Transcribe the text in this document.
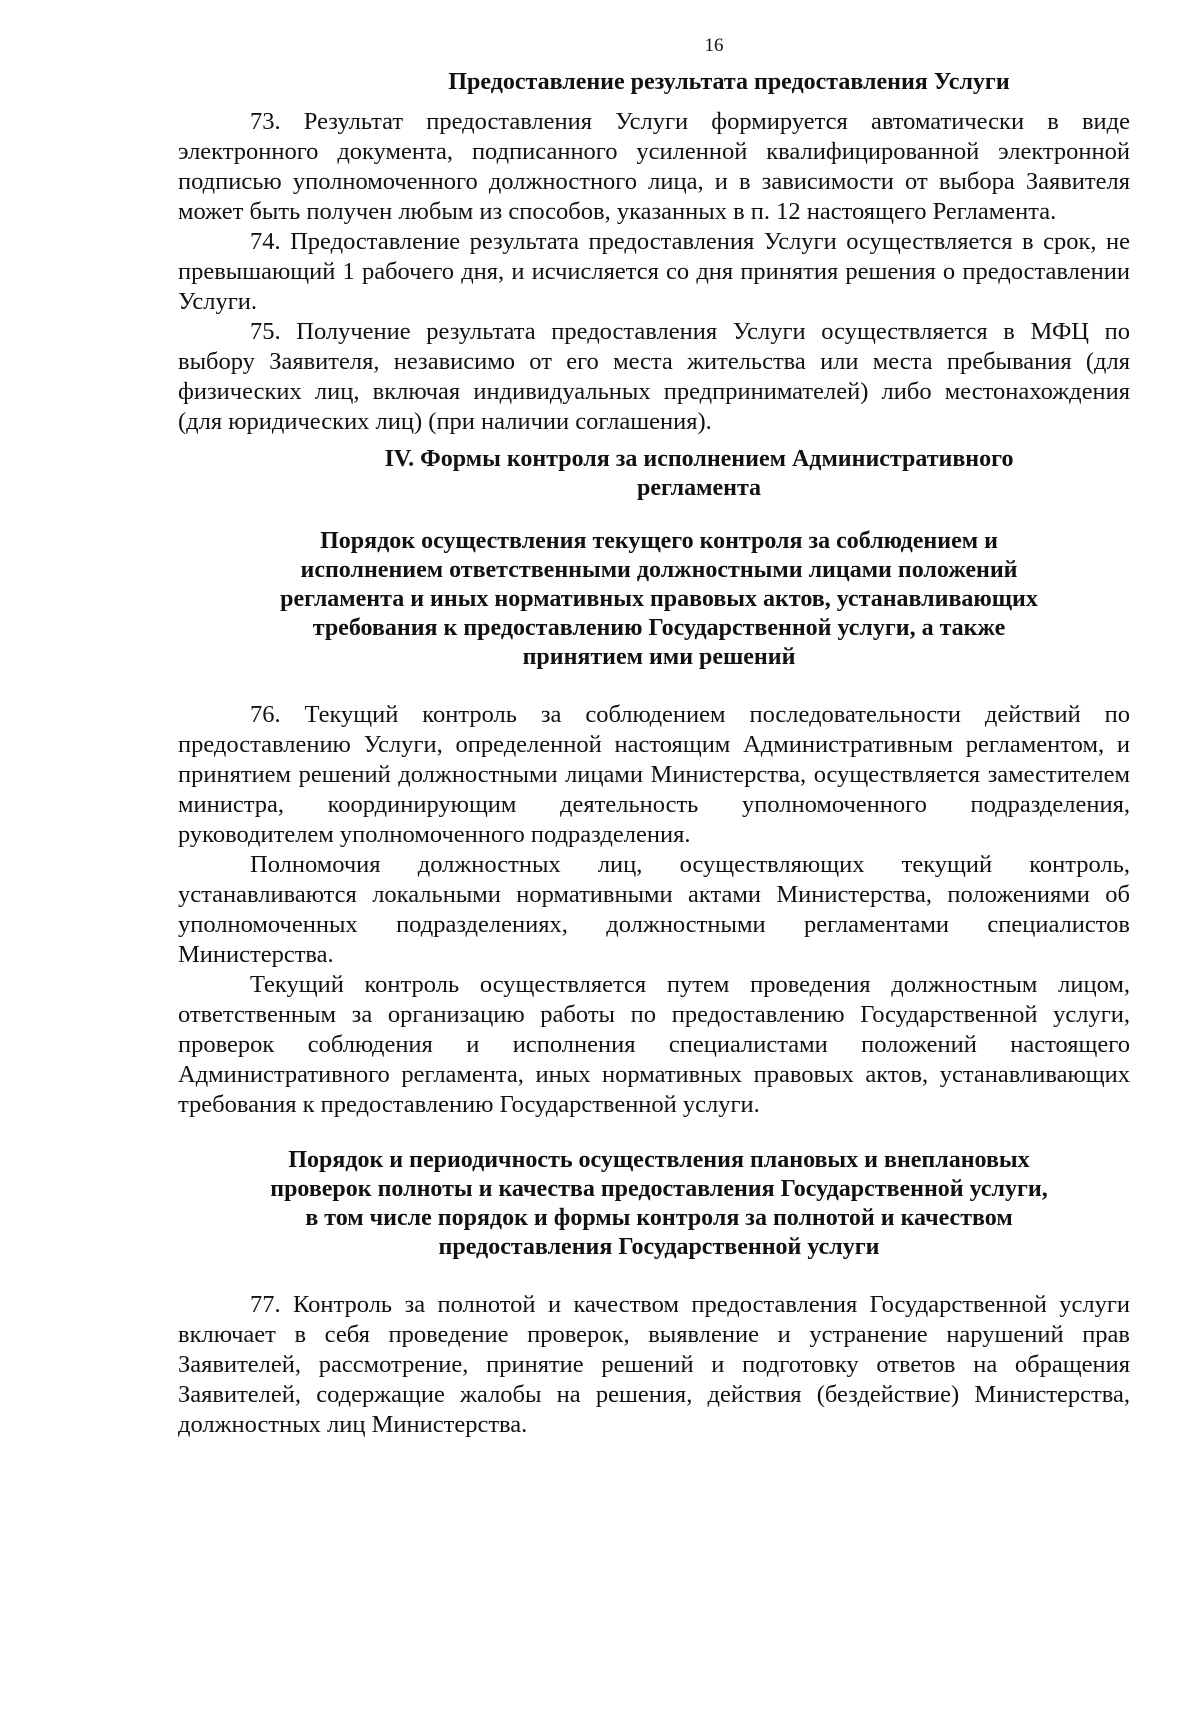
16
Предоставление результата предоставления Услуги

73. Результат предоставления Услуги формируется автоматически в виде электронного документа, подписанного усиленной квалифицированной электронной подписью уполномоченного должностного лица, и в зависимости от выбора Заявителя может быть получен любым из способов, указанных в п. 12 настоящего Регламента.

74. Предоставление результата предоставления Услуги осуществляется в срок, не превышающий 1 рабочего дня, и исчисляется со дня принятия решения о предоставлении Услуги.

75. Получение результата предоставления Услуги осуществляется в МФЦ по выбору Заявителя, независимо от его места жительства или места пребывания (для физических лиц, включая индивидуальных предпринимателей) либо местонахождения (для юридических лиц) (при наличии соглашения).

IV. Формы контроля за исполнением Административного
регламента
Порядок осуществления текущего контроля за соблюдением и
исполнением ответственными должностными лицами положений
регламента и иных нормативных правовых актов, устанавливающих
требования к предоставлению Государственной услуги, а также
принятием ими решений

76. Текущий контроль за соблюдением последовательности действий по предоставлению Услуги, определенной настоящим Административным регламентом, и принятием решений должностными лицами Министерства, осуществляется заместителем министра, координирующим деятельность уполномоченного подразделения, руководителем уполномоченного подразделения.

Полномочия должностных лиц, осуществляющих текущий контроль, устанавливаются локальными нормативными актами Министерства, положениями об уполномоченных подразделениях, должностными регламентами специалистов Министерства.

Текущий контроль осуществляется путем проведения должностным лицом, ответственным за организацию работы по предоставлению Государственной услуги, проверок соблюдения и исполнения специалистами положений настоящего Административного регламента, иных нормативных правовых актов, устанавливающих требования к предоставлению Государственной услуги.

Порядок и периодичность осуществления плановых и внеплановых
проверок полноты и качества предоставления Государственной услуги,
в том числе порядок и формы контроля за полнотой и качеством
предоставления Государственной услуги

77. Контроль за полнотой и качеством предоставления Государственной услуги включает в себя проведение проверок, выявление и устранение нарушений прав Заявителей, рассмотрение, принятие решений и подготовку ответов на обращения Заявителей, содержащие жалобы на решения, действия (бездействие) Министерства, должностных лиц Министерства.
